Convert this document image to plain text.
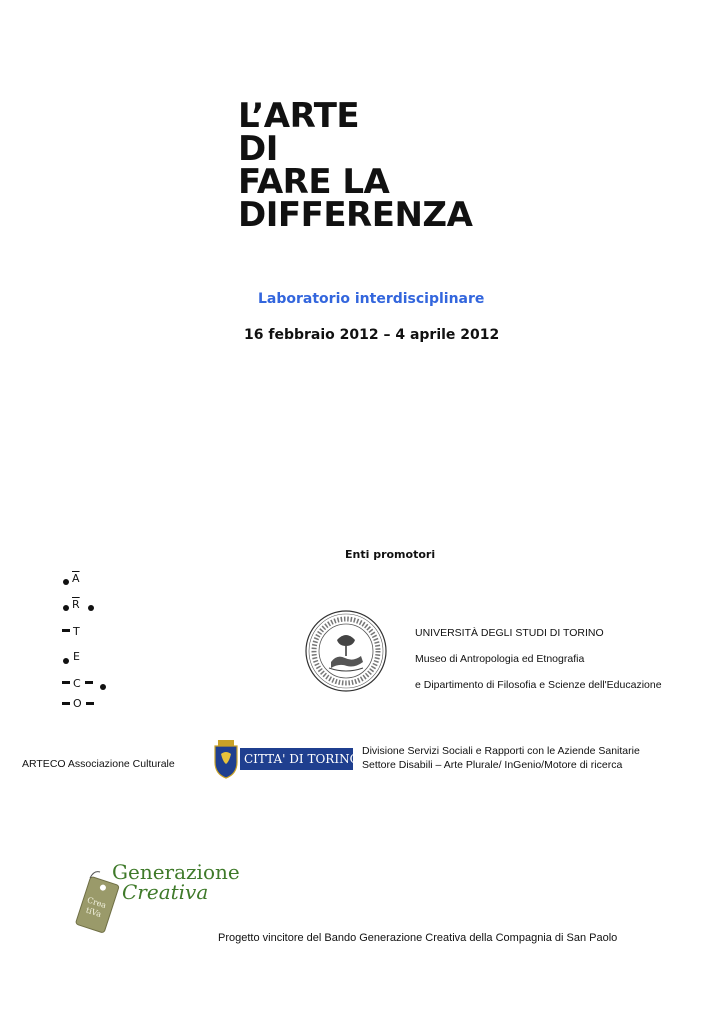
L’ARTE
DI
FARE LA
DIFFERENZA
Laboratorio interdisciplinare
16 febbraio 2012 – 4 aprile 2012
Enti promotori
$\overline{A}$
$\overline{R}$
T
E
C
O
UNIVERSITÀ DEGLI STUDI DI TORINO
Museo di Antropologia ed Etnografia
e Dipartimento di Filosofia e Scienze dell'Educazione
ARTECO Associazione Culturale	CITTA' DI TORINO
Divisione Servizi Sociali e Rapporti con le Aziende Sanitarie
Settore Disabili – Arte Plurale/ InGenio/Motore di ricerca
Crea tiVa
Generazione
Creativa
Progetto vincitore del Bando Generazione Creativa della Compagnia di San Paolo
